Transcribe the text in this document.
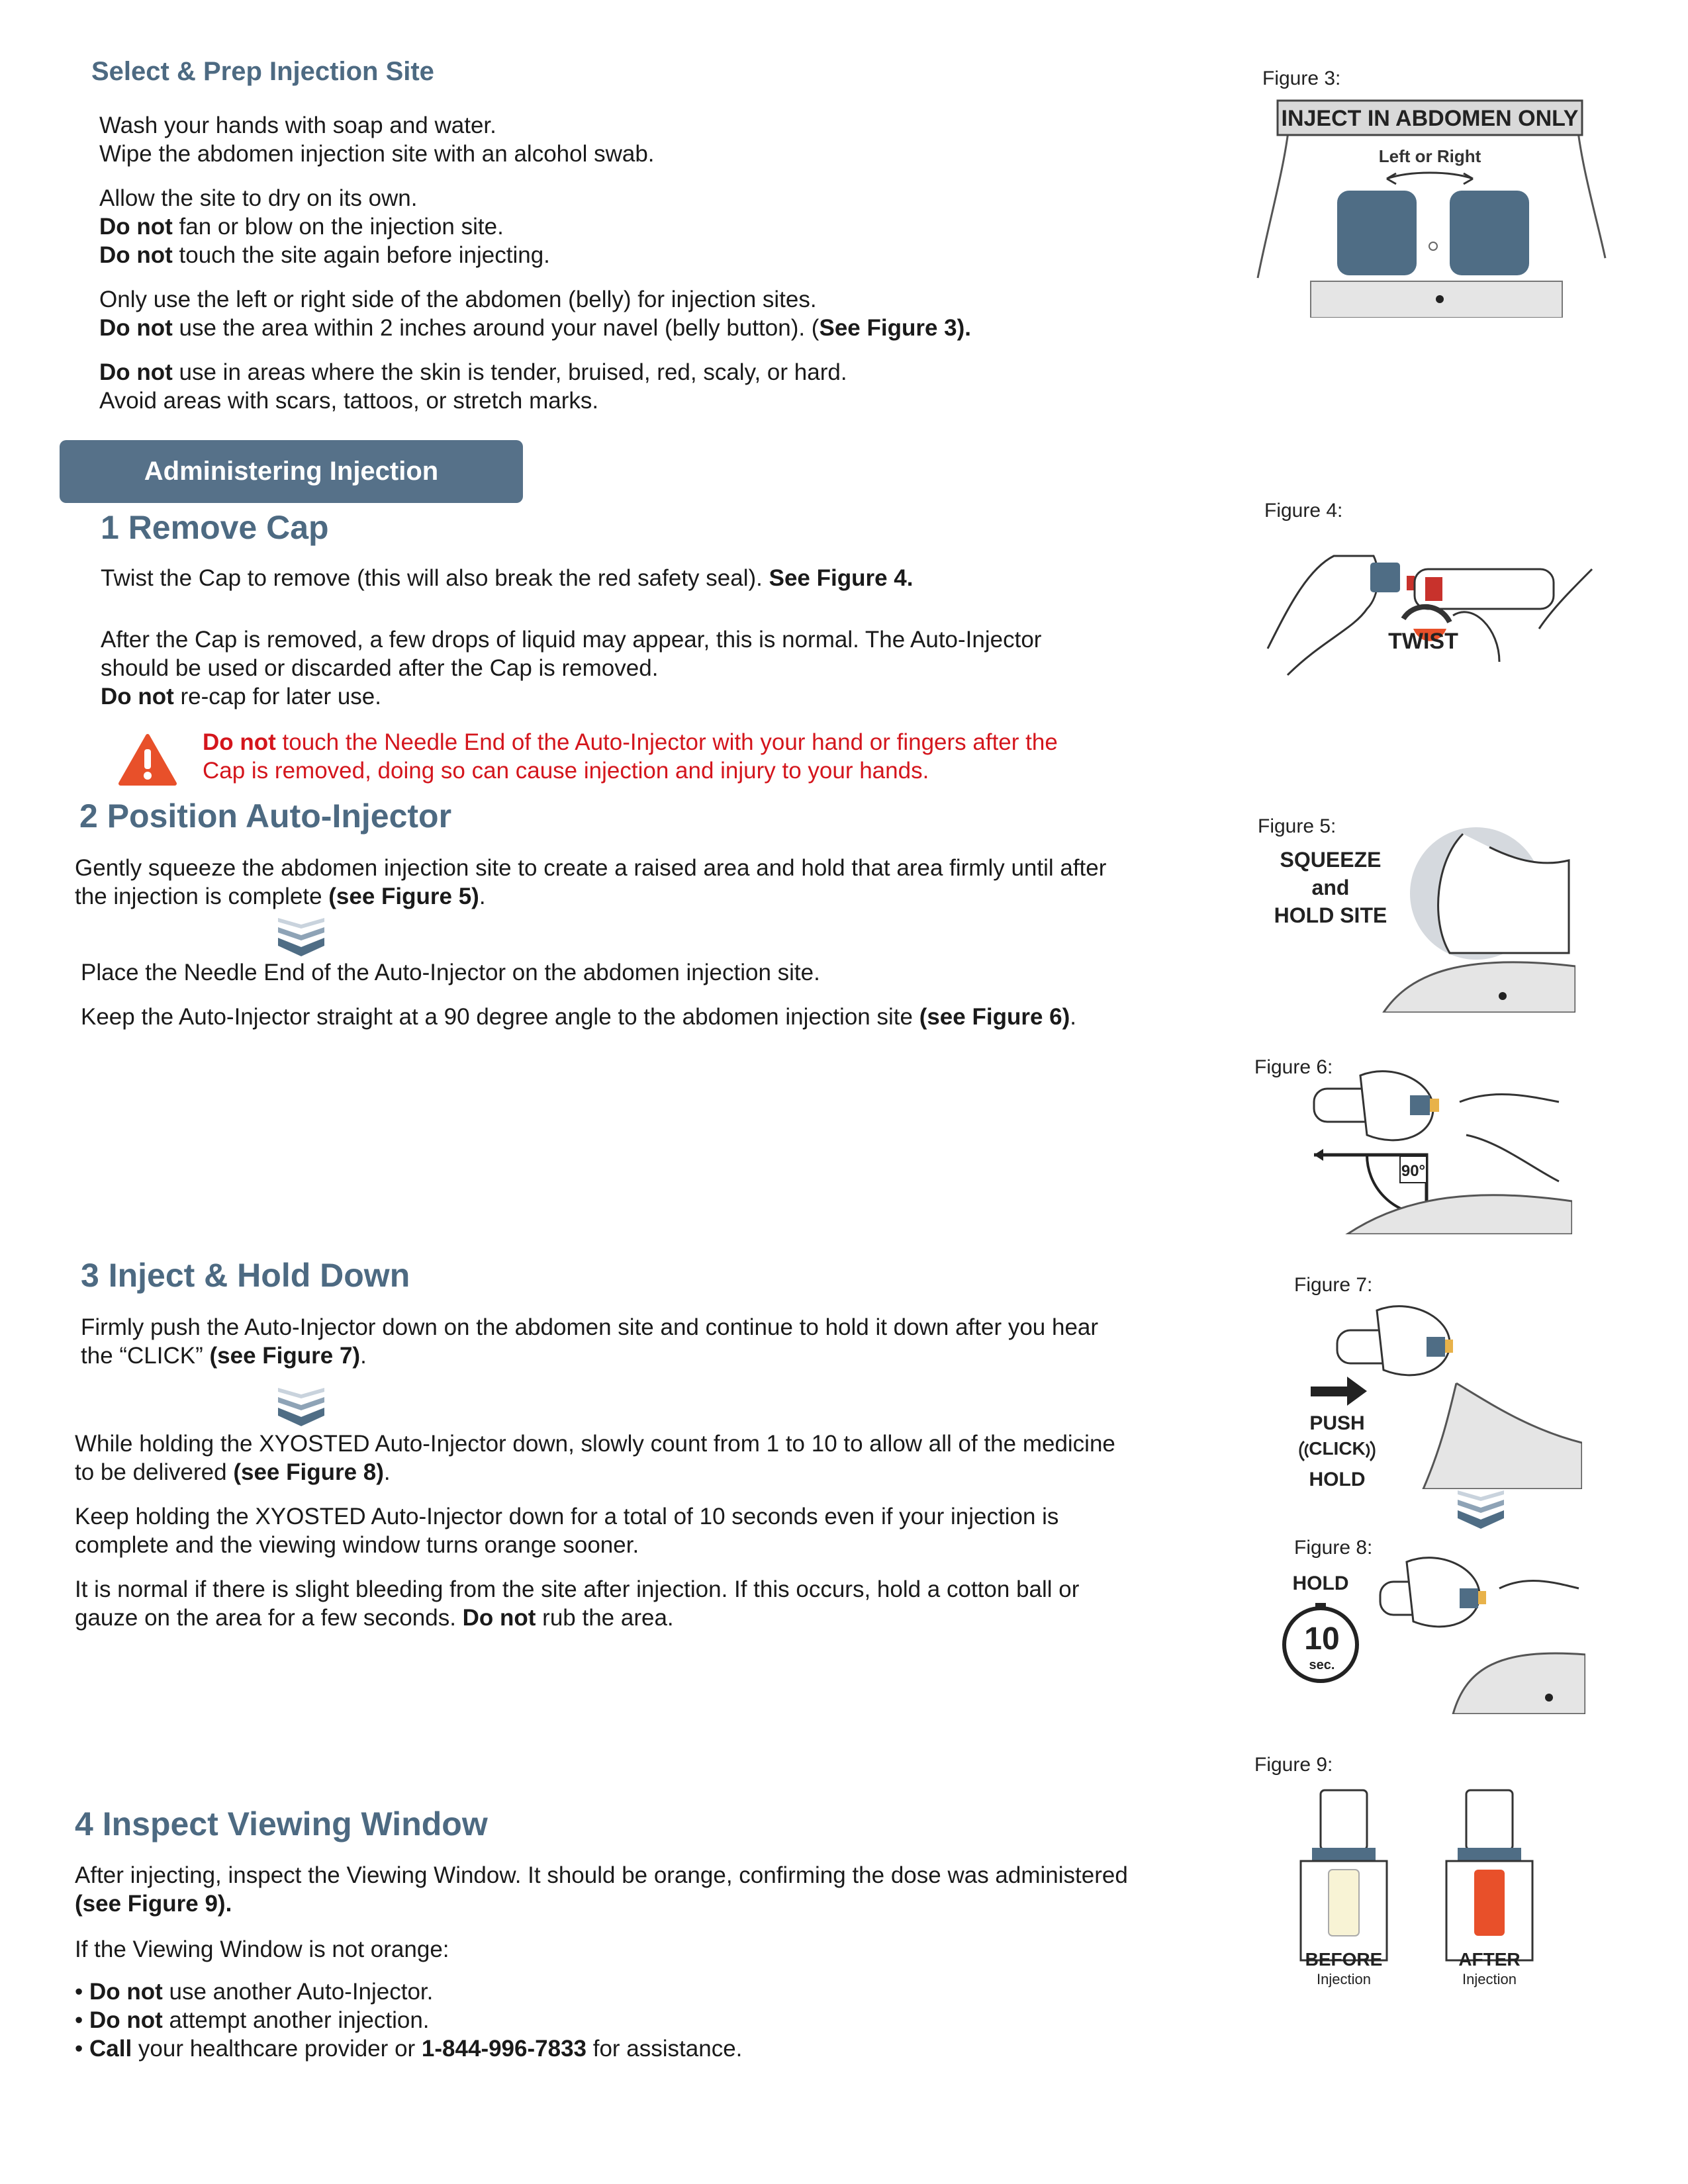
Select & Prep Injection Site

Wash your hands with soap and water.
Wipe the abdomen injection site with an alcohol swab.

Allow the site to dry on its own.
Do not fan or blow on the injection site.
Do not touch the site again before injecting.

Only use the left or right side of the abdomen (belly) for injection sites.
Do not use the area within 2 inches around your navel (belly button). (See Figure 3).

Do not use in areas where the skin is tender, bruised, red, scaly, or hard.
Avoid areas with scars, tattoos, or stretch marks.

Administering Injection
1 Remove Cap

Twist the Cap to remove (this will also break the red safety seal). See Figure 4.

After the Cap is removed, a few drops of liquid may appear, this is normal. The Auto-Injector
should be used or discarded after the Cap is removed.
Do not re-cap for later use.

Do not touch the Needle End of the Auto-Injector with your hand or fingers after the
Cap is removed, doing so can cause injection and injury to your hands.

2 Position Auto-Injector

Gently squeeze the abdomen injection site to create a raised area and hold that area firmly until after
the injection is complete (see Figure 5).

Place the Needle End of the Auto-Injector on the abdomen injection site.

Keep the Auto-Injector straight at a 90 degree angle to the abdomen injection site (see Figure 6).

3 Inject & Hold Down

Firmly push the Auto-Injector down on the abdomen site and continue to hold it down after you hear
the “CLICK” (see Figure 7).

While holding the XYOSTED Auto-Injector down, slowly count from 1 to 10 to allow all of the medicine
to be delivered (see Figure 8).

Keep holding the XYOSTED Auto-Injector down for a total of 10 seconds even if your injection is
complete and the viewing window turns orange sooner.

It is normal if there is slight bleeding from the site after injection. If this occurs, hold a cotton ball or
gauze on the area for a few seconds. Do not rub the area.

4 Inspect Viewing Window

After injecting, inspect the Viewing Window. It should be orange, confirming the dose was administered
(see Figure 9).

If the Viewing Window is not orange:

• Do not use another Auto-Injector.
• Do not attempt another injection.
• Call your healthcare provider or 1-844-996-7833 for assistance.

Figure 3:
INJECT IN ABDOMEN ONLY
Left or Right
Figure 4:
TWIST
Figure 5:
SQUEEZE
and
HOLD SITE
Figure 6:
90°
Figure 7:
PUSH
CLICK
HOLD
Figure 8:
HOLD
10
sec.
Figure 9:
BEFORE
Injection
AFTER
Injection
